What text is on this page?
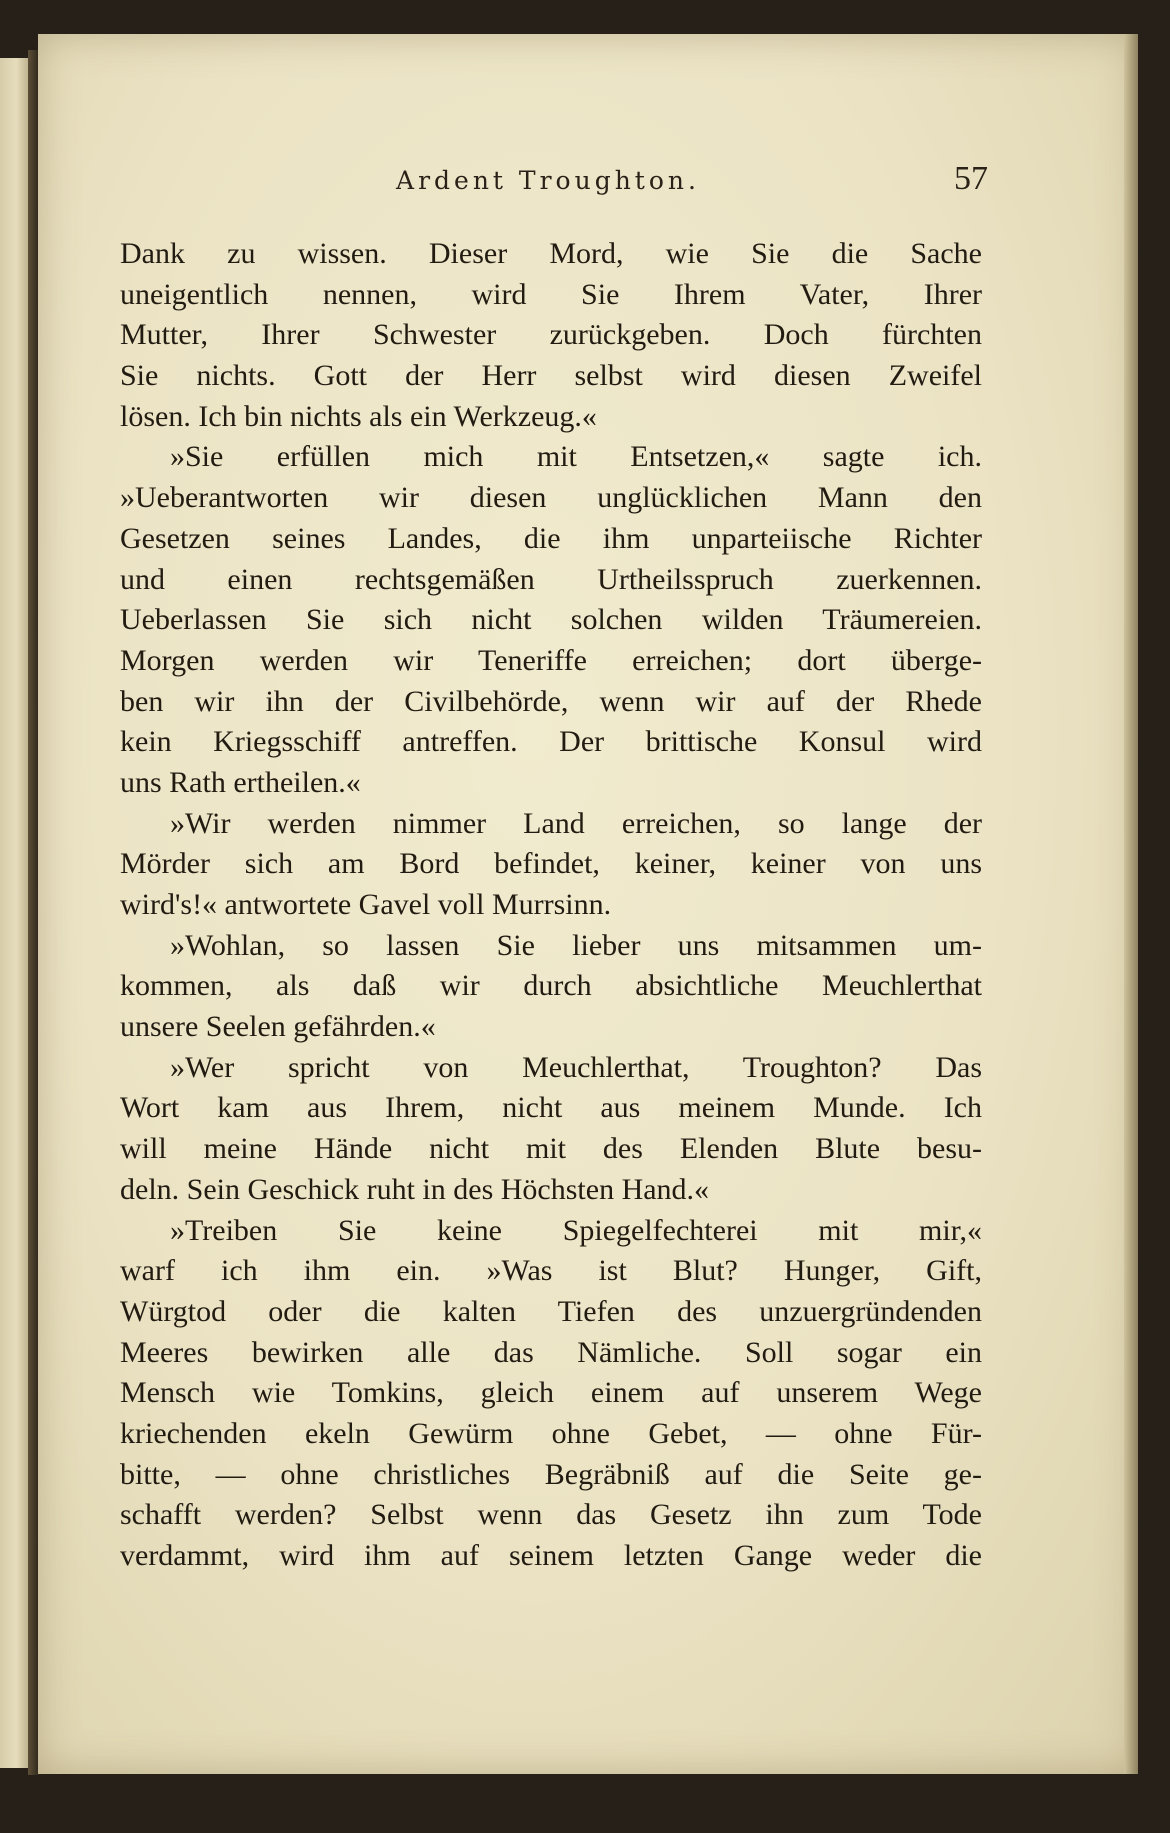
Ardent Troughton.	57
Dank zu wissen. Dieser Mord, wie Sie die Sache
uneigentlich nennen, wird Sie Ihrem Vater, Ihrer
Mutter, Ihrer Schwester zurückgeben. Doch fürchten
Sie nichts. Gott der Herr selbst wird diesen Zweifel
lösen. Ich bin nichts als ein Werkzeug.«
»Sie erfüllen mich mit Entsetzen,« sagte ich.
»Ueberantworten wir diesen unglücklichen Mann den
Gesetzen seines Landes, die ihm unparteiische Richter
und einen rechtsgemäßen Urtheilsspruch zuerkennen.
Ueberlassen Sie sich nicht solchen wilden Träumereien.
Morgen werden wir Teneriffe erreichen; dort überge-
ben wir ihn der Civilbehörde, wenn wir auf der Rhede
kein Kriegsschiff antreffen. Der brittische Konsul wird
uns Rath ertheilen.«
»Wir werden nimmer Land erreichen, so lange der
Mörder sich am Bord befindet, keiner, keiner von uns
wird's!« antwortete Gavel voll Murrsinn.
»Wohlan, so lassen Sie lieber uns mitsammen um-
kommen, als daß wir durch absichtliche Meuchlerthat
unsere Seelen gefährden.«
»Wer spricht von Meuchlerthat, Troughton? Das
Wort kam aus Ihrem, nicht aus meinem Munde. Ich
will meine Hände nicht mit des Elenden Blute besu-
deln. Sein Geschick ruht in des Höchsten Hand.«
»Treiben Sie keine Spiegelfechterei mit mir,«
warf ich ihm ein. »Was ist Blut? Hunger, Gift,
Würgtod oder die kalten Tiefen des unzuergründenden
Meeres bewirken alle das Nämliche. Soll sogar ein
Mensch wie Tomkins, gleich einem auf unserem Wege
kriechenden ekeln Gewürm ohne Gebet, — ohne Für-
bitte, — ohne christliches Begräbniß auf die Seite ge-
schafft werden? Selbst wenn das Gesetz ihn zum Tode
verdammt, wird ihm auf seinem letzten Gange weder die
